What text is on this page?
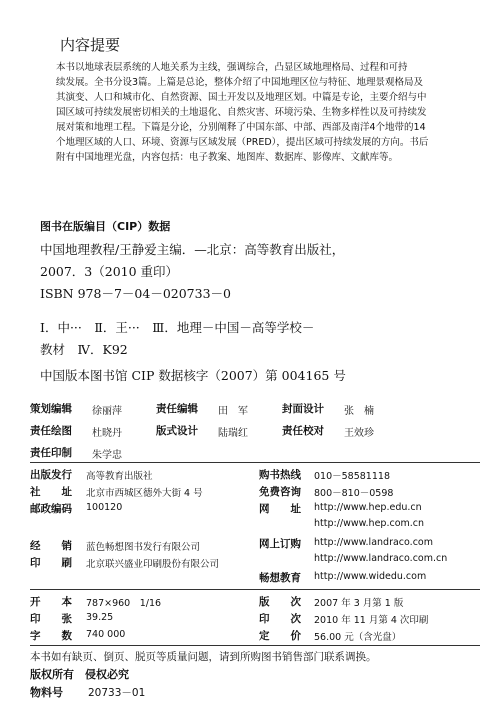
内容提要
本书以地球表层系统的人地关系为主线，强调综合，凸显区域地理格局、过程和可持
续发展。全书分设3篇。上篇是总论，整体介绍了中国地理区位与特征、地理景观格局及
其演变、人口和城市化、自然资源、国土开发以及地理区划。中篇是专论，主要介绍与中
国区域可持续发展密切相关的土地退化、自然灾害、环境污染、生物多样性以及可持续发
展对策和地理工程。下篇是分论，分别阐释了中国东部、中部、西部及南洋4个地带的14
个地理区域的人口、环境、资源与区域发展（PRED），提出区域可持续发展的方向。书后
附有中国地理光盘，内容包括：电子教案、地图库、数据库、影像库、文献库等。
图书在版编目（CIP）数据
中国地理教程/王静爱主编．—北京：高等教育出版社，
2007．3（2010 重印）
ISBN 978－7－04－020733－0
Ⅰ．中···　Ⅱ．王···　Ⅲ．地理－中国－高等学校－
教材　Ⅳ．K92
中国版本图书馆 CIP 数据核字（2007）第 004165 号
策划编辑 徐丽萍	责任编辑 田　军	封面设计 张　楠
责任绘图 杜晓丹	版式设计 陆瑞红	责任校对 王效珍
责任印制 朱学忠
出版发行 高等教育出版社
社　　址 北京市西城区德外大街 4 号
邮政编码 100120
经　　销 蓝色畅想图书发行有限公司
印　　刷 北京联兴盛业印刷股份有限公司
购书热线 010－58581118
免费咨询 800－810－0598
网　　址 http://www.hep.edu.cn
http://www.hep.com.cn
网上订购 http://www.landraco.com
http://www.landraco.com.cn
畅想教育 http://www.widedu.com
开　　本 787×960　1/16
印　　张 39.25
字　　数 740 000
版　　次 2007 年 3 月第 1 版
印　　次 2010 年 11 月第 4 次印刷
定　　价 56.00 元（含光盘）
本书如有缺页、倒页、脱页等质量问题，请到所购图书销售部门联系调换。
版权所有　侵权必究
物料号 20733－01
